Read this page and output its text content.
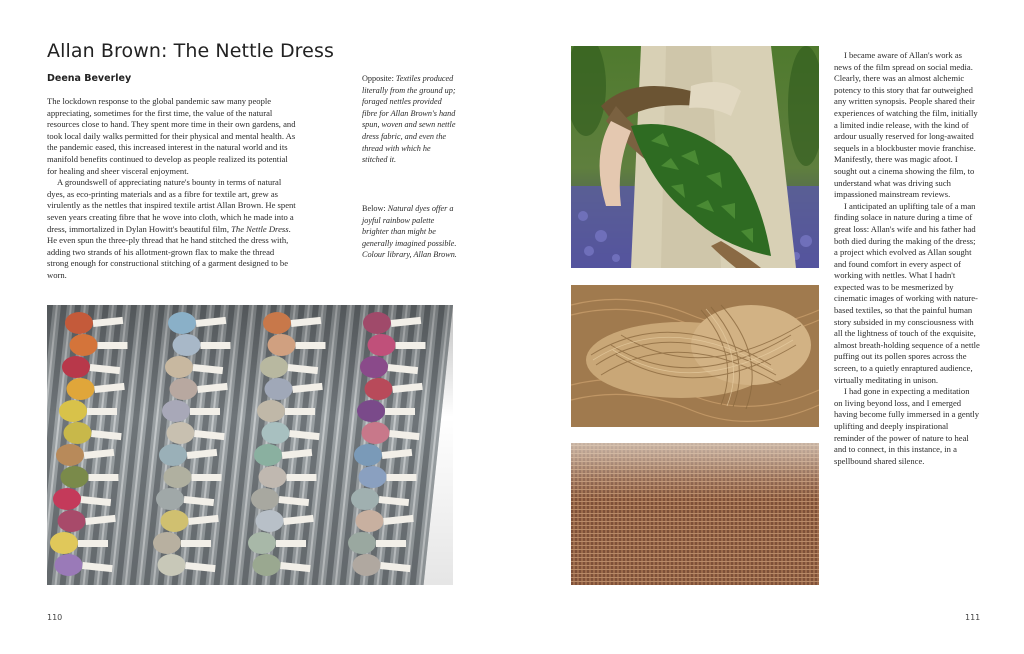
Allan Brown: The Nettle Dress
Deena Beverley

The lockdown response to the global pandemic saw many people appreciating, sometimes for the first time, the value of the natural resources close to hand. They spent more time in their own gardens, and took local daily walks permitted for their physical and mental health. As the pandemic eased, this increased interest in the natural world and its manifold benefits continued to develop as people realized its potential for healing and sheer visceral enjoyment.

A groundswell of appreciating nature's bounty in terms of natural dyes, as eco-printing materials and as a fibre for textile art, grew as virulently as the nettles that inspired textile artist Allan Brown. He spent seven years creating fibre that he wove into cloth, which he made into a dress, immortalized in Dylan Howitt's beautiful film, The Nettle Dress. He even spun the three-ply thread that he hand stitched the dress with, adding two strands of his allotment-grown flax to make the thread strong enough for constructional stitching of a garment designed to be worn.

Opposite: Textiles produced literally from the ground up; foraged nettles provided fibre for Allan Brown's hand spun, woven and sewn nettle dress fabric, and even the thread with which he stitched it.
Below: Natural dyes offer a joyful rainbow palette brighter than might be generally imagined possible. Colour library, Allan Brown.
110

I became aware of Allan's work as news of the film spread on social media. Clearly, there was an almost alchemic potency to this story that far outweighed any written synopsis. People shared their experiences of watching the film, initially a limited indie release, with the kind of ardour usually reserved for long-awaited sequels in a blockbuster movie franchise. Manifestly, there was magic afoot. I sought out a cinema showing the film, to understand what was driving such impassioned mainstream reviews.

I anticipated an uplifting tale of a man finding solace in nature during a time of great loss: Allan's wife and his father had both died during the making of the dress; a project which evolved as Allan sought and found comfort in every aspect of working with nettles. What I hadn't expected was to be mesmerized by cinematic images of working with nature-based textiles, so that the painful human story subsided in my consciousness with all the lightness of touch of the exquisite, almost breath-holding sequence of a nettle puffing out its pollen spores across the screen, to a quietly enraptured audience, virtually meditating in unison.

I had gone in expecting a meditation on living beyond loss, and I emerged having become fully immersed in a gently uplifting and deeply inspirational reminder of the power of nature to heal and to connect, in this instance, in a spellbound shared silence.

111
